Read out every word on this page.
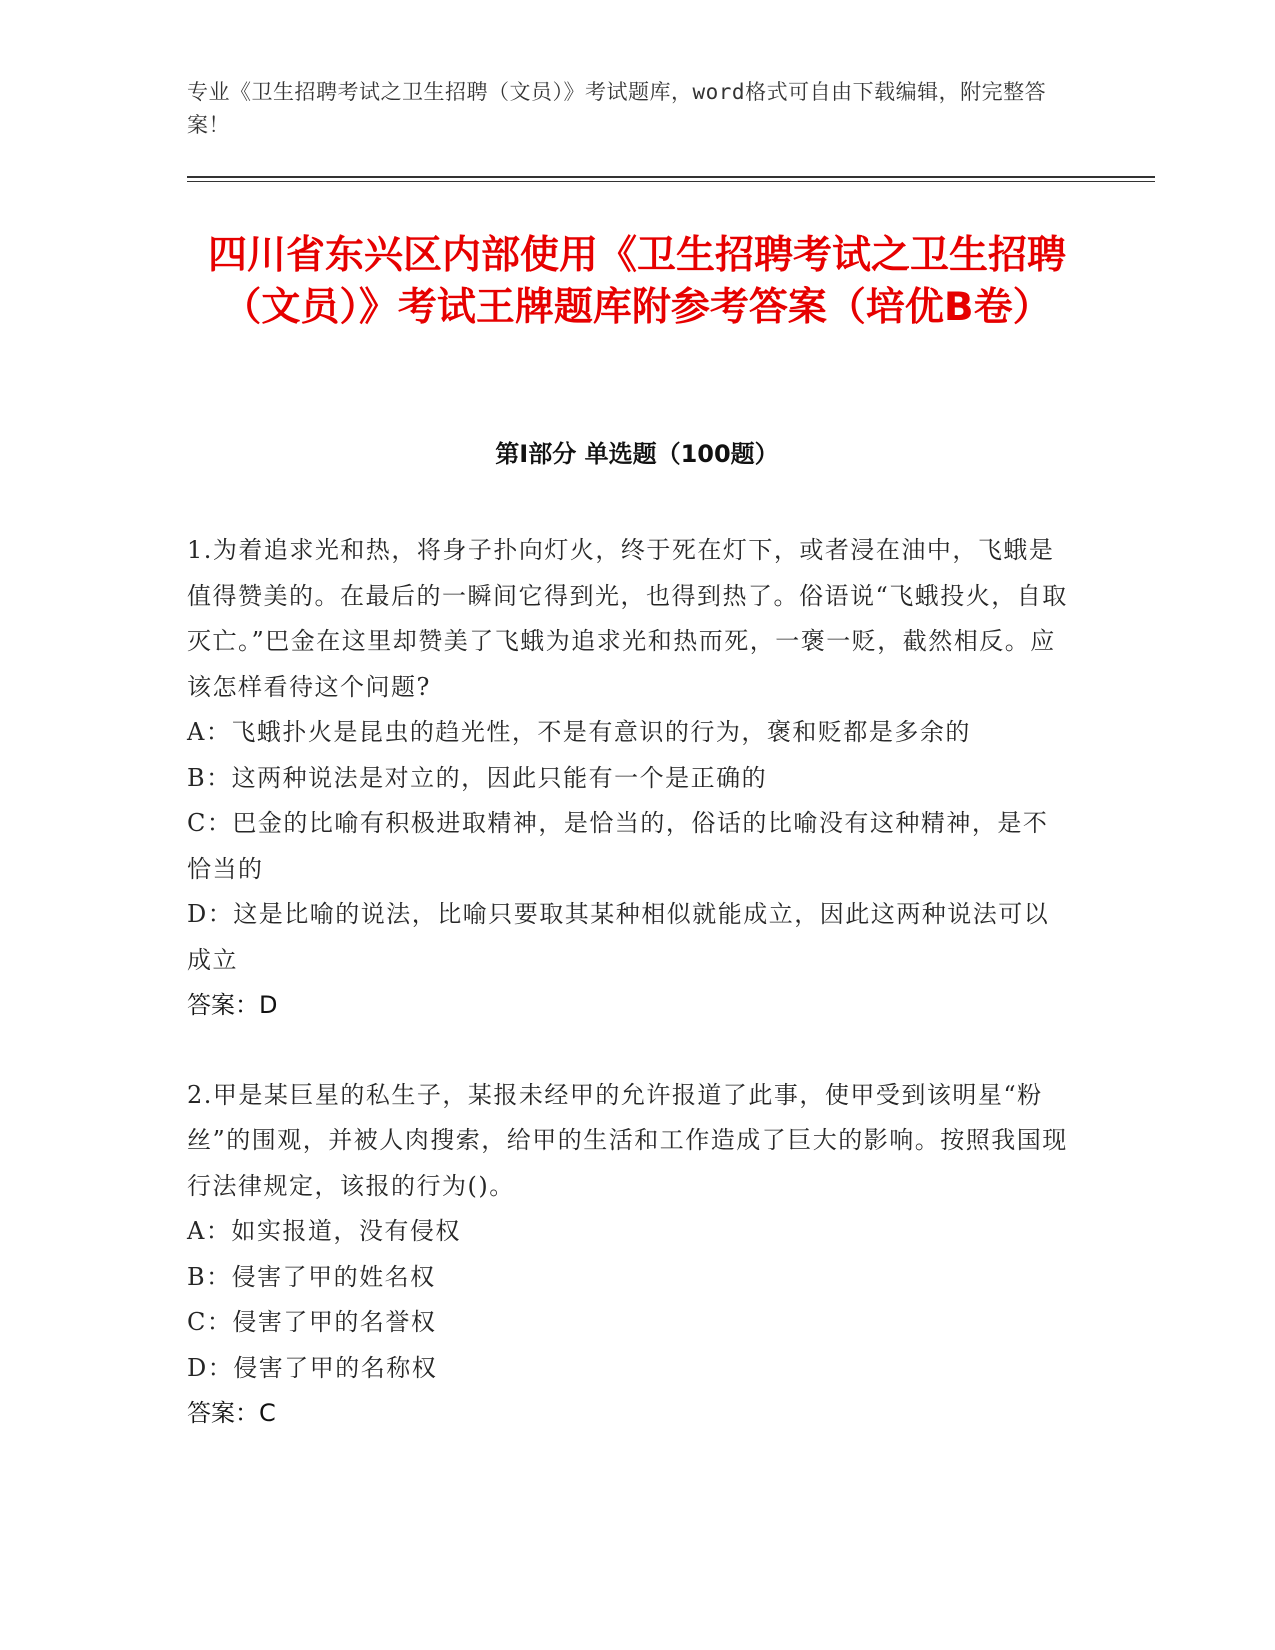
专业《卫生招聘考试之卫生招聘（文员）》考试题库，word格式可自由下载编辑，附完整答案！
四川省东兴区内部使用《卫生招聘考试之卫生招聘（文员）》考试王牌题库附参考答案（培优B卷）
第Ⅰ部分 单选题（100题）

1.为着追求光和热，将身子扑向灯火，终于死在灯下，或者浸在油中，飞蛾是值得赞美的。在最后的一瞬间它得到光，也得到热了。俗语说“飞蛾投火，自取灭亡。”巴金在这里却赞美了飞蛾为追求光和热而死，一褒一贬，截然相反。应该怎样看待这个问题?

A：飞蛾扑火是昆虫的趋光性，不是有意识的行为，褒和贬都是多余的

B：这两种说法是对立的，因此只能有一个是正确的

C：巴金的比喻有积极进取精神，是恰当的，俗话的比喻没有这种精神，是不恰当的

D：这是比喻的说法，比喻只要取其某种相似就能成立，因此这两种说法可以成立

答案：D

2.甲是某巨星的私生子，某报未经甲的允许报道了此事，使甲受到该明星“粉丝”的围观，并被人肉搜索，给甲的生活和工作造成了巨大的影响。按照我国现行法律规定，该报的行为()。

A：如实报道，没有侵权

B：侵害了甲的姓名权

C：侵害了甲的名誉权

D：侵害了甲的名称权

答案：C
